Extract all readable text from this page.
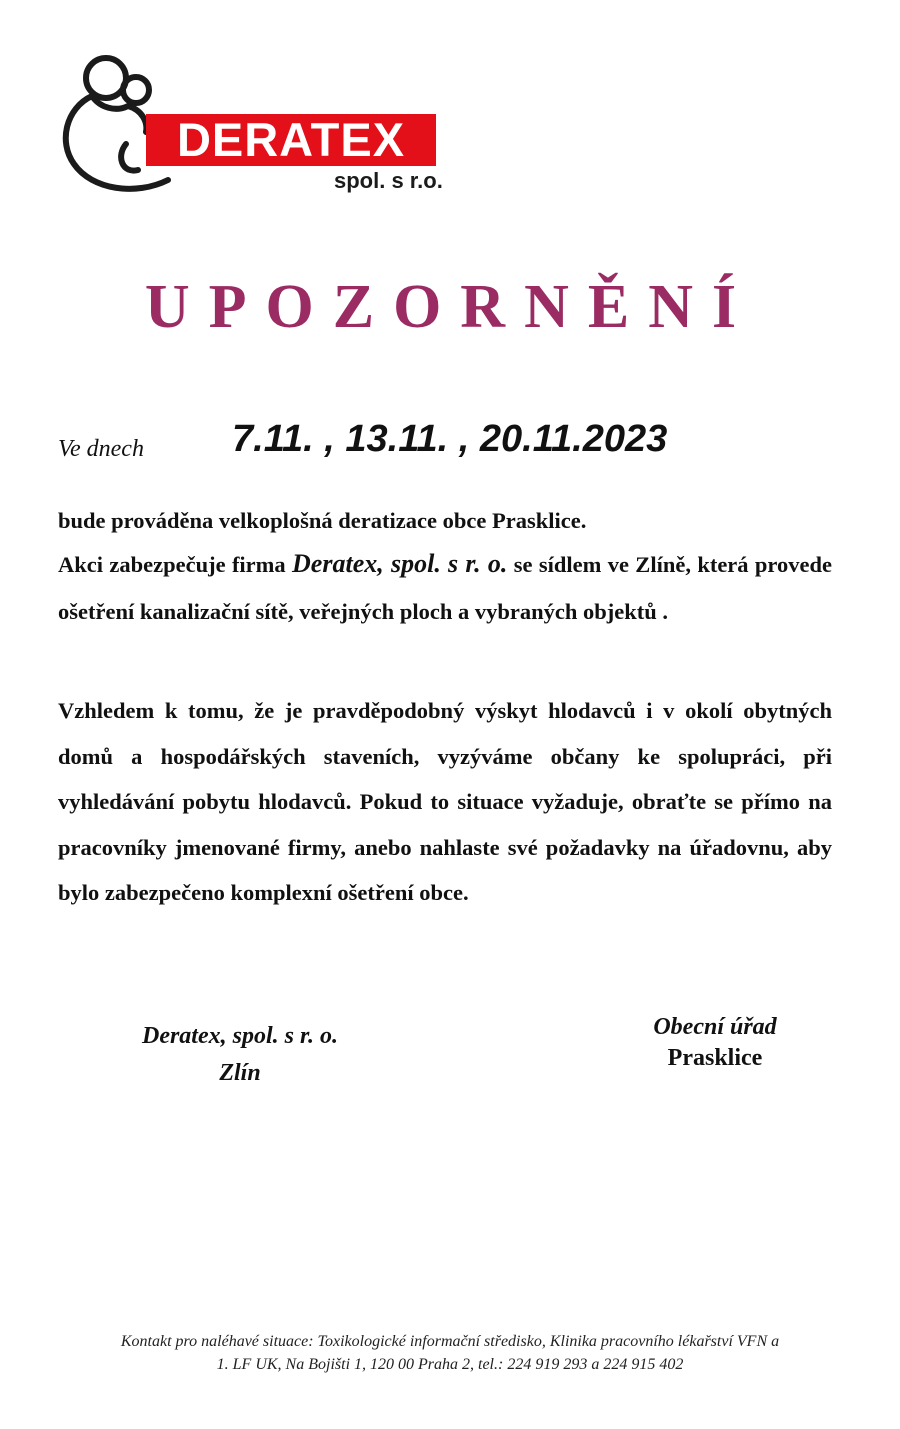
DERATEX
spol. s r.o.
UPOZORNĚNÍ
Ve dnech 7.11. , 13.11. , 20.11.2023
bude prováděna velkoplošná deratizace obce Prasklice.
Akci zabezpečuje firma Deratex, spol. s r. o. se sídlem ve Zlíně, která provede ošetření kanalizační sítě, veřejných ploch a vybraných objektů .
Vzhledem k tomu, že je pravděpodobný výskyt hlodavců i v okolí obytných domů a hospodářských staveních, vyzýváme občany ke spolupráci, při vyhledávání pobytu hlodavců. Pokud to situace vyžaduje, obraťte se přímo na pracovníky jmenované firmy, anebo nahlaste své požadavky na úřadovnu, aby bylo zabezpečeno komplexní ošetření obce.
Deratex, spol. s r. o.
Zlín
Obecní úřad
Prasklice
Kontakt pro naléhavé situace: Toxikologické informační středisko, Klinika pracovního lékařství VFN a
1. LF UK, Na Bojišti 1, 120 00 Praha 2, tel.: 224 919 293 a 224 915 402
